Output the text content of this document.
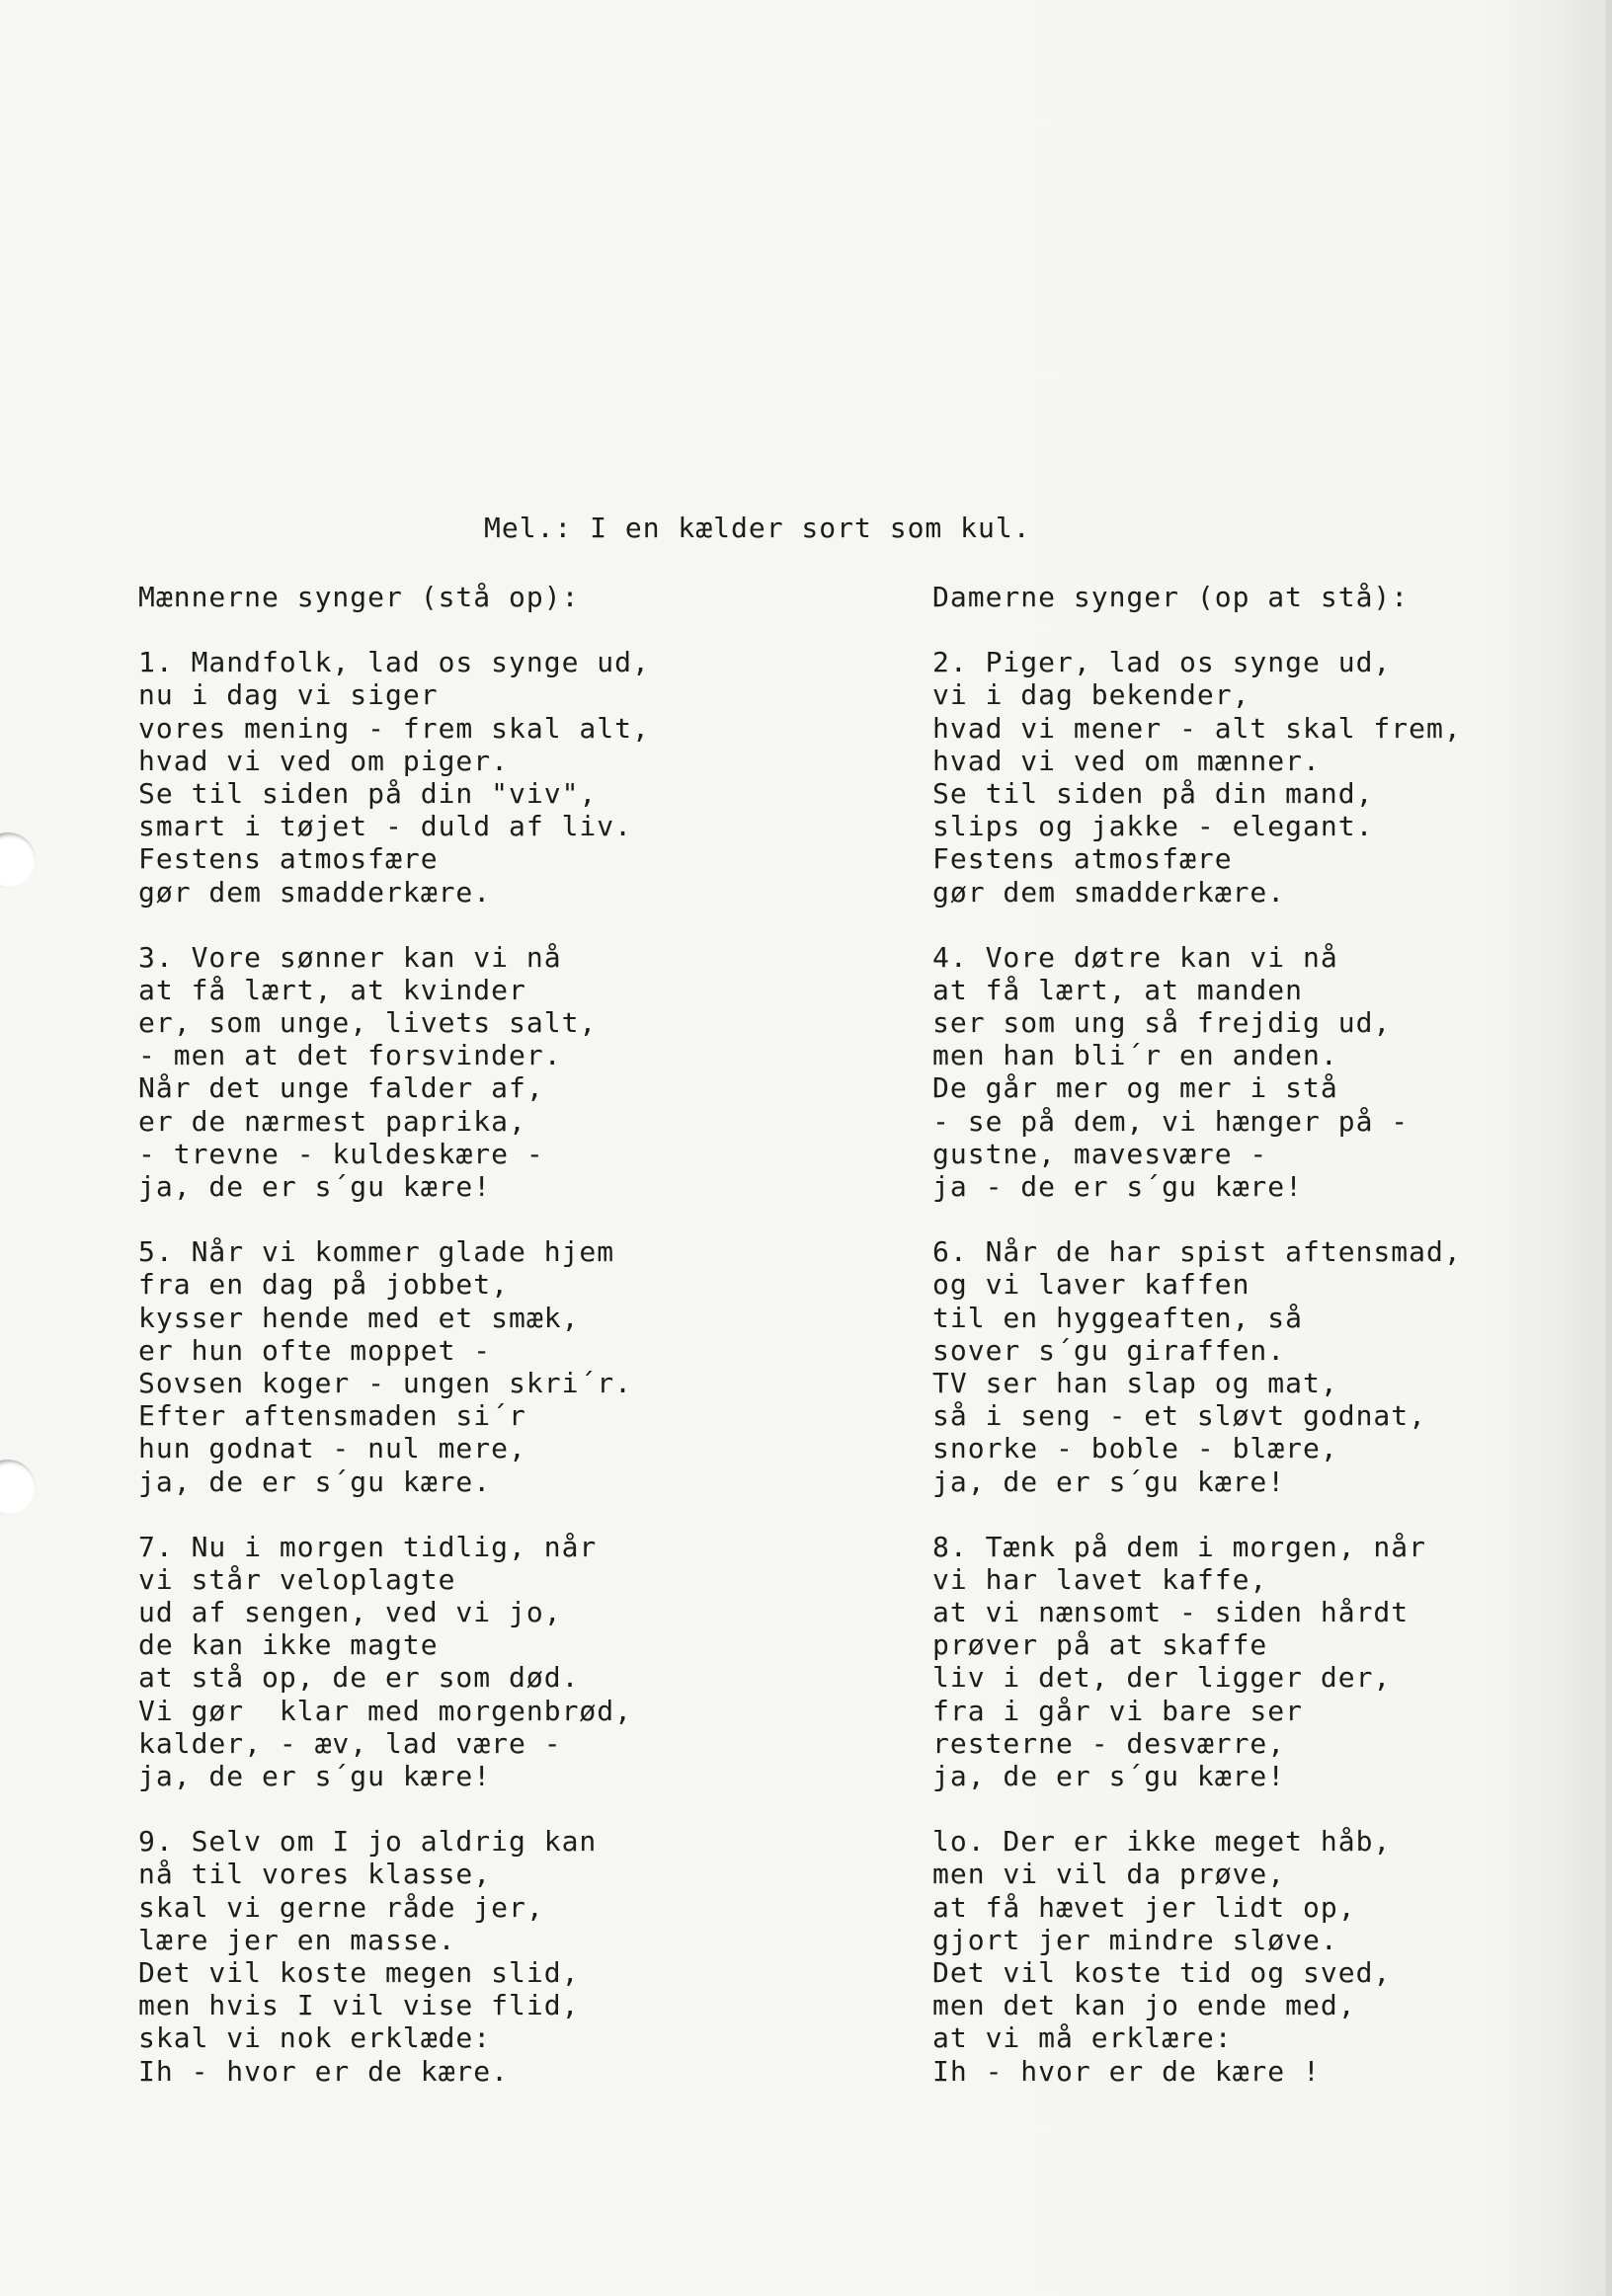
Mel.: I en kælder sort som kul.
Mænnerne synger (stå op):
1. Mandfolk, lad os synge ud,
nu i dag vi siger
vores mening - frem skal alt,
hvad vi ved om piger.
Se til siden på din "viv",
smart i tøjet - duld af liv.
Festens atmosfære
gør dem smadderkære.
3. Vore sønner kan vi nå
at få lært, at kvinder
er, som unge, livets salt,
- men at det forsvinder.
Når det unge falder af,
er de nærmest paprika,
- trevne - kuldeskære -
ja, de er s´gu kære!
5. Når vi kommer glade hjem
fra en dag på jobbet,
kysser hende med et smæk,
er hun ofte moppet -
Sovsen koger - ungen skri´r.
Efter aftensmaden si´r
hun godnat - nul mere,
ja, de er s´gu kære.
7. Nu i morgen tidlig, når
vi står veloplagte
ud af sengen, ved vi jo,
de kan ikke magte
at stå op, de er som død.
Vi gør  klar med morgenbrød,
kalder, - æv, lad være -
ja, de er s´gu kære!
9. Selv om I jo aldrig kan
nå til vores klasse,
skal vi gerne råde jer,
lære jer en masse.
Det vil koste megen slid,
men hvis I vil vise flid,
skal vi nok erklæde:
Ih - hvor er de kære.
Damerne synger (op at stå):
2. Piger, lad os synge ud,
vi i dag bekender,
hvad vi mener - alt skal frem,
hvad vi ved om mænner.
Se til siden på din mand,
slips og jakke - elegant.
Festens atmosfære
gør dem smadderkære.
4. Vore døtre kan vi nå
at få lært, at manden
ser som ung så frejdig ud,
men han bli´r en anden.
De går mer og mer i stå
- se på dem, vi hænger på -
gustne, mavesvære -
ja - de er s´gu kære!
6. Når de har spist aftensmad,
og vi laver kaffen
til en hyggeaften, så
sover s´gu giraffen.
TV ser han slap og mat,
så i seng - et sløvt godnat,
snorke - boble - blære,
ja, de er s´gu kære!
8. Tænk på dem i morgen, når
vi har lavet kaffe,
at vi nænsomt - siden hårdt
prøver på at skaffe
liv i det, der ligger der,
fra i går vi bare ser
resterne - desværre,
ja, de er s´gu kære!
lo. Der er ikke meget håb,
men vi vil da prøve,
at få hævet jer lidt op,
gjort jer mindre sløve.
Det vil koste tid og sved,
men det kan jo ende med,
at vi må erklære:
Ih - hvor er de kære !
